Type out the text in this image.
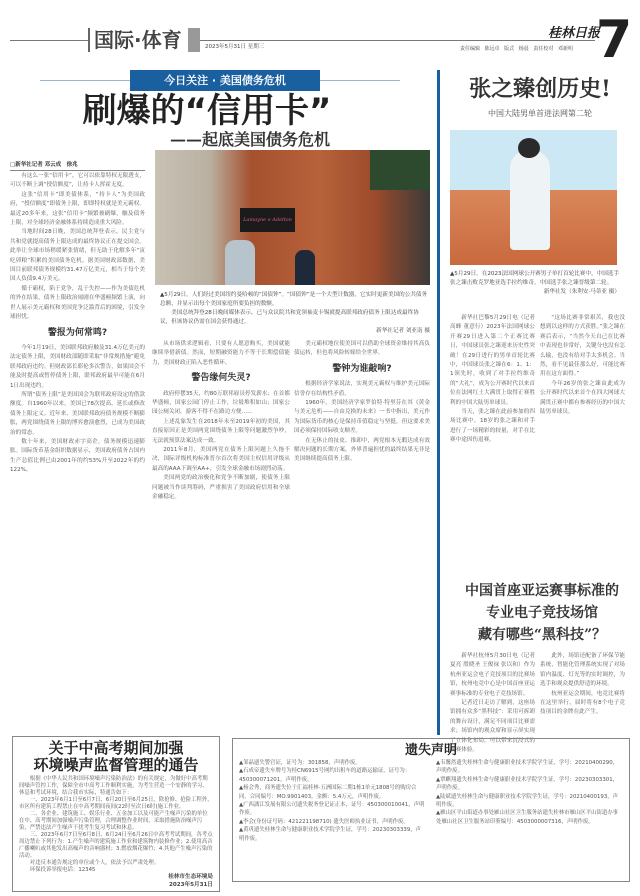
国际·体育	2023年5月31日 星期三
桂林日报
责任编辑 陈远卓 版式 杨晨 责任校对 邓新明 7
今日关注 · 美国债务危机
刷爆的“信用卡”
——起底美国债务危机
□新华社记者 邓云成　徐兆

有这么一张“信用卡”，它可以依靠特权无限透支，可以不断上调“授信额度”，让持卡人挥霍无度。

这张“信用卡”即美债体系，“持卡人”为美国政府，“授信额度”即债务上限，即即特权就是美元霸权。最近20多年来，这张“信用卡”频繁被刷爆，触及债务上限，对全球经济金融体系持续造成重大风险。

当地时间28日晚，美国总统拜登表示，民主党与共和党就提高债务上限达成的最终协议正在提交国会。此举让全球市场稍缓紧张情绪，但无助于化解多年“寅吃卯粮”积累的美国债务危机。据美国财政部数据，美国目前联邦债务规模约31.47万亿美元，相当于每个美国人负债9.4万美元。

循于霸权，陷于党争，乱于失控——作为美债危机的外在结果，债务上限政治闹剧在华盛顿频繁上演，向世人展示美元霸权和美国党争泛滥背后的困境，引发全球担忧。

警报为何常鸣?

今年1月19日，美国联邦政府触及31.4万亿美元的法定债务上限，美国财政部随即采取“非常规措施”避免联邦政府违约。但财政部长耶伦多次警告，如果国会不能及时提高或暂停债务上限，联邦政府最早可能在6月1日出现违约。

所谓“债务上限”是美国国会为联邦政府设定的借款额度。自1960年以来，美国已78次提高、延长或修改债务上限定义。近年来，美国联邦政府债务规模不断膨胀，两党围绕债务上限的博弈愈演愈烈，已成为美国政治的常态。

数十年来，美国财政赤字高企，债务规模迅速膨胀。国际货币基金组织数据显示，美国政府债务占国内生产总值比例已由2001年的约53%升至2022年的约122%。

Lamayne e Adelton
▲5月29日，人们经过美国纽约曼哈顿的“国债钟”。“国债钟”是一个大型计数器，它实时更新美国的公共债务总额，并显示出每个美国家庭所要负担的数额。
美国总统拜登28日晚间媒体表示，已与众议院共和党领袖麦卡锡就提高联邦政府债务上限达成最终协议，但该协议仍需在国会获得通过。
新华社记者 刘亚南 摄

从市场供求逻辑看，只要有人愿意购买，美国就能继续举借新债。然而，短期融资能力不等于长期偿债能力，美国财政正陷入恶性循环。

警告缘何失灵?

政府停摆35天，约80万联邦雇员停发薪水；在首都华盛顿，国家公园门停止工作，垃圾堆积如山；国家公园公厕关闭，游客不得不在路边方便……

上述乱象发生在2018年末至2019年初的美国，其直接原因正是美国两党围绕债务上限等问题激烈争吵，无法就预算法案达成一致。

2011年8月，美国两党在债务上限问题上久拖不决，国际评级机构标准普尔首次将美国主权信用评级从最高的AAA下调至AA+，引发全球金融市场剧烈动荡。

美国两党的政治极化和党争不断加剧，使债务上限问题被当作谈判筹码，严重损害了美国政府信用和全球金融稳定。

美元霸权地位使美国可以借助全球资金维持其高负债运转，但也将风险转嫁给全世界。

警钟为谁敲响?

根据经济学家说法，实现美元霸权与维护美元国际信誉存在结构性矛盾。

1960年，美国经济学家罗伯特·特里芬在其《黄金与美元危机——自由兑换的未来》一书中指出，美元作为国际货币的核心是保持币值稳定与坚挺，但这要求美国必须保持国际收支顺差。

在无休止的扯皮、推卸中，两党根本无暇达成有效解决问题的长期方案，外界普遍担忧的最终结果无非是美国继续提高债务上限。

张之臻创历史!
中国大陆男单首进法网第二轮
▲5月29日，在2023法国网球公开赛男子单打首轮比赛中，中国选手张之臻击败克罗地亚选手拉约维奇。中国选手张之臻晋级第二轮。
新华社发（朱利安·马蒂亚 摄）

新华社巴黎5月29日电（记者 高蜂 董意行）2023年法国网球公开赛29日进入第二个正赛比赛日，中国球员张之臻迎来历史性突破！在29日进行的男单首轮比赛中，中国球员张之臻在6：1、1：1领先时，收到了对手拉约维奇的“大礼”，成为公开赛时代以来首位在法网红土大满贯上取得正赛胜利的中国大陆男单球员。

当天，张之臻在此前参加的四场比赛中，18岁的张之臻和对手进行了一场精彩的较量，对手在比赛中途因伤退赛。

“这场比赛非常艰苦，我也没想到以这样的方式获胜。”张之臻在赛后表示，“当然今天自己在比赛中表现也非常好，关键分也没有怎么输，也没有给对手太多机会。当然，看不见最佳那么好，可能比赛用在这方面得。”

今年26岁的张之臻由此成为公开赛时代以来首个在四大网球大满贯正赛中都有参赛经历的中国大陆男单球员。

中国首座亚运赛事标准的
专业电子竞技场馆
藏有哪些“黑科技”？

新华社杭州5月30日电（记者 夏亮 殷晓圣 王俊禄 张以和）作为杭州亚运会电子竞技项目的比赛场馆，杭州电竞中心是中国首座亚运赛事标准的专业电子竞技场馆。

记者近日走访了解到，这座场馆拥有众多“黑科技”：采用可拆卸的舞台设计，满足不同项目比赛需求；场馆内的观众席和显示屏实现了立体化布局，可以带来沉浸式的观赛体验。

此外，场馆还配备了环保节能系统，智能化管理系统实现了对场馆内温度、灯光等的实时调控，为选手和观众提供舒适的环境。

杭州亚运会期间，电竞比赛将在这里举行，届时将有8个电子竞技项目的金牌在此产生。

关于中高考期间加强
环境噪声监督管理的通告

根据《中华人民共和国环境噪声污染防治法》的有关规定，为做好中高考期间噪声管控工作，保障全市中高考工作顺利实施，为考生营造一个安静的学习、休息和考试环境，结合我市实际，特通告如下：

一、2023年6月1日至6月7日、6月20日至6月25日，除抢修、抢险工程外，市区所有建筑工程禁止在中高考期间夜间(22时至次日6时)施工作业。

二、各企业、建筑施工、娱乐行业、五金加工以及可能产生噪声污染的单位在中、高考期间加强噪声污染管理，合理调整作业时间，采取措施防治噪声污染，严禁违法产生噪声干扰考生复习考试和休息。

三、2023年6月7日至6月8日、6月24日至6月26日中高考考试期间，各考点周边禁止下列行为：1.产生噪声的建筑施工作业和建筑物内装修作业；2.使用高音广播喇叭或其他发出高噪声的音响器材；3.燃放烟花爆竹；4.其他产生噪声污染的活动。

对违反本通告规定的单位或个人，依法予以严肃处理。

环保投诉举报电话：12345

桂林市生态环境局
2023年5月31日
遗失声明
▲邹晶遗失警官证，证号为：301858，声明作废。
▲石成帝遗失车牌号为桂CN6915号网约出租车的道路运输证，证号为：450300071201，声明作废。
▲杨会秀，商务遗失位于汇福桂林·五洲国际二期1栋1单元1808号的购房合同，合同编号：MO.9901403，金额：5.4万元，声明作废。
▲广西漓江发展有限公司遗失税务登记证正本，证号：450300010041，声明作废。
▲李会(身份证号码：421221198710) 遗失医师执业证书，声明作废。
▲黄巩遗失桂林生命与健康职业技术学院学生证，学号：20230303339，声明作废。
▲韦馨然遗失桂林生命与健康职业技术学院学生证，学号：20210400290，声明作废。
▲覃麒翔遗失桂林生命与健康职业技术学院学生证，学号：20230303301，声明作废。
▲陆斌遗失桂林生命与健康职业技术学院学生证，学号：20210400193，声明作废。
▲雁山区平山街道办事处雁山社区卫生服务站遗失桂林市雁山区平山街道办事处雁山社区卫生服务站印鉴编号：4503000007316，声明作废。
